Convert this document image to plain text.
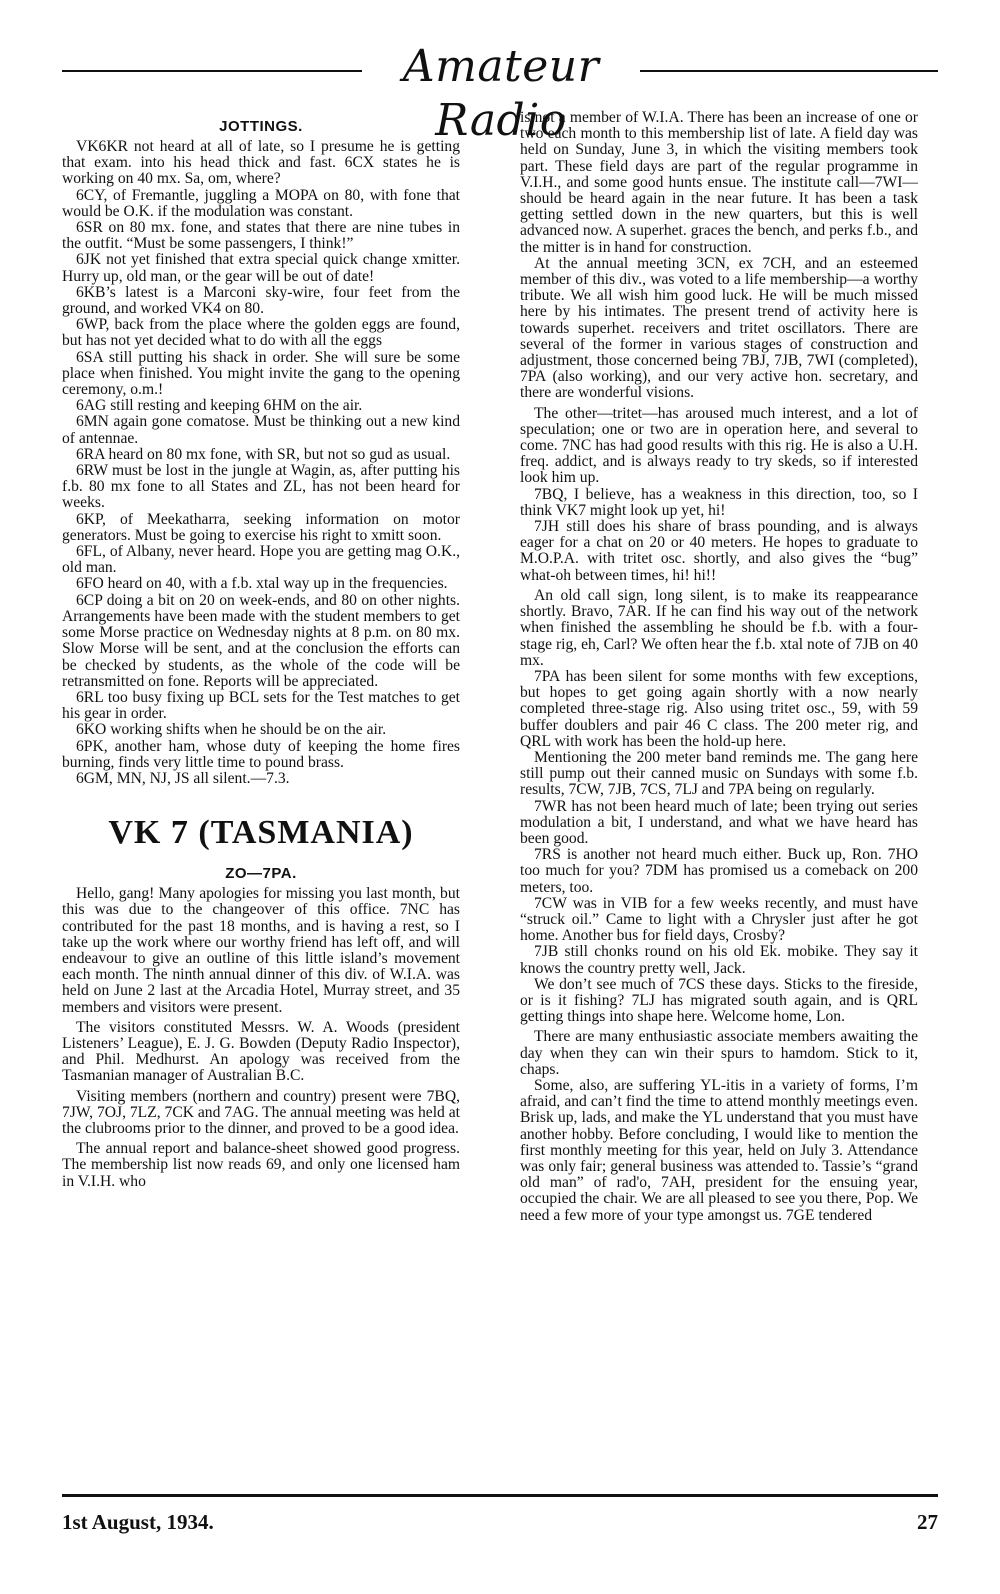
Amateur Radio
JOTTINGS.

VK6KR not heard at all of late, so I presume he is getting that exam. into his head thick and fast. 6CX states he is working on 40 mx. Sa, om, where?

6CY, of Fremantle, juggling a MOPA on 80, with fone that would be O.K. if the modulation was constant.

6SR on 80 mx. fone, and states that there are nine tubes in the outfit. “Must be some passengers, I think!”

6JK not yet finished that extra special quick change xmitter. Hurry up, old man, or the gear will be out of date!

6KB’s latest is a Marconi sky-wire, four feet from the ground, and worked VK4 on 80.

6WP, back from the place where the golden eggs are found, but has not yet decided what to do with all the eggs

6SA still putting his shack in order. She will sure be some place when finished. You might invite the gang to the opening ceremony, o.m.!

6AG still resting and keeping 6HM on the air.

6MN again gone comatose. Must be thinking out a new kind of antennae.

6RA heard on 80 mx fone, with SR, but not so gud as usual.

6RW must be lost in the jungle at Wagin, as, after putting his f.b. 80 mx fone to all States and ZL, has not been heard for weeks.

6KP, of Meekatharra, seeking information on motor generators. Must be going to exercise his right to xmitt soon.

6FL, of Albany, never heard. Hope you are getting mag O.K., old man.

6FO heard on 40, with a f.b. xtal way up in the frequencies.

6CP doing a bit on 20 on week-ends, and 80 on other nights. Arrangements have been made with the student members to get some Morse practice on Wednesday nights at 8 p.m. on 80 mx. Slow Morse will be sent, and at the conclusion the efforts can be checked by students, as the whole of the code will be retransmitted on fone. Reports will be appreciated.

6RL too busy fixing up BCL sets for the Test matches to get his gear in order.

6KO working shifts when he should be on the air.

6PK, another ham, whose duty of keeping the home fires burning, finds very little time to pound brass.

6GM, MN, NJ, JS all silent.—7.3.

VK 7 (TASMANIA)
ZO—7PA.

Hello, gang! Many apologies for missing you last month, but this was due to the changeover of this office. 7NC has contributed for the past 18 months, and is having a rest, so I take up the work where our worthy friend has left off, and will endeavour to give an outline of this little island’s movement each month. The ninth annual dinner of this div. of W.I.A. was held on June 2 last at the Arcadia Hotel, Murray street, and 35 members and visitors were present.

The visitors constituted Messrs. W. A. Woods (president Listeners’ League), E. J. G. Bowden (Deputy Radio Inspector), and Phil. Medhurst. An apology was received from the Tasmanian manager of Australian B.C.

Visiting members (northern and country) present were 7BQ, 7JW, 7OJ, 7LZ, 7CK and 7AG. The annual meeting was held at the clubrooms prior to the dinner, and proved to be a good idea.

The annual report and balance-sheet showed good progress. The membership list now reads 69, and only one licensed ham in V.I.H. who

is not a member of W.I.A. There has been an increase of one or two each month to this membership list of late. A field day was held on Sunday, June 3, in which the visiting members took part. These field days are part of the regular programme in V.I.H., and some good hunts ensue. The institute call—7WI—should be heard again in the near future. It has been a task getting settled down in the new quarters, but this is well advanced now. A superhet. graces the bench, and perks f.b., and the mitter is in hand for construction.

At the annual meeting 3CN, ex 7CH, and an esteemed member of this div., was voted to a life membership—a worthy tribute. We all wish him good luck. He will be much missed here by his intimates. The present trend of activity here is towards superhet. receivers and tritet oscillators. There are several of the former in various stages of construction and adjustment, those concerned being 7BJ, 7JB, 7WI (completed), 7PA (also working), and our very active hon. secretary, and there are wonderful visions.

The other—tritet—has aroused much interest, and a lot of speculation; one or two are in operation here, and several to come. 7NC has had good results with this rig. He is also a U.H. freq. addict, and is always ready to try skeds, so if interested look him up.

7BQ, I believe, has a weakness in this direction, too, so I think VK7 might look up yet, hi!

7JH still does his share of brass pounding, and is always eager for a chat on 20 or 40 meters. He hopes to graduate to M.O.P.A. with tritet osc. shortly, and also gives the “bug” what-oh between times, hi! hi!!

An old call sign, long silent, is to make its reappearance shortly. Bravo, 7AR. If he can find his way out of the network when finished the assembling he should be f.b. with a four-stage rig, eh, Carl? We often hear the f.b. xtal note of 7JB on 40 mx.

7PA has been silent for some months with few exceptions, but hopes to get going again shortly with a now nearly completed three-stage rig. Also using tritet osc., 59, with 59 buffer doublers and pair 46 C class. The 200 meter rig, and QRL with work has been the hold-up here.

Mentioning the 200 meter band reminds me. The gang here still pump out their canned music on Sundays with some f.b. results, 7CW, 7JB, 7CS, 7LJ and 7PA being on regularly.

7WR has not been heard much of late; been trying out series modulation a bit, I understand, and what we have heard has been good.

7RS is another not heard much either. Buck up, Ron. 7HO too much for you? 7DM has promised us a comeback on 200 meters, too.

7CW was in VIB for a few weeks recently, and must have “struck oil.” Came to light with a Chrysler just after he got home. Another bus for field days, Crosby?

7JB still chonks round on his old Ek. mobike. They say it knows the country pretty well, Jack.

We don’t see much of 7CS these days. Sticks to the fireside, or is it fishing? 7LJ has migrated south again, and is QRL getting things into shape here. Welcome home, Lon.

There are many enthusiastic associate members awaiting the day when they can win their spurs to hamdom. Stick to it, chaps.

Some, also, are suffering YL-itis in a variety of forms, I’m afraid, and can’t find the time to attend monthly meetings even. Brisk up, lads, and make the YL understand that you must have another hobby. Before concluding, I would like to mention the first monthly meeting for this year, held on July 3. Attendance was only fair; general business was attended to. Tassie’s “grand old man” of rad'o, 7AH, president for the ensuing year, occupied the chair. We are all pleased to see you there, Pop. We need a few more of your type amongst us. 7GE tendered

1st August, 1934.	27
